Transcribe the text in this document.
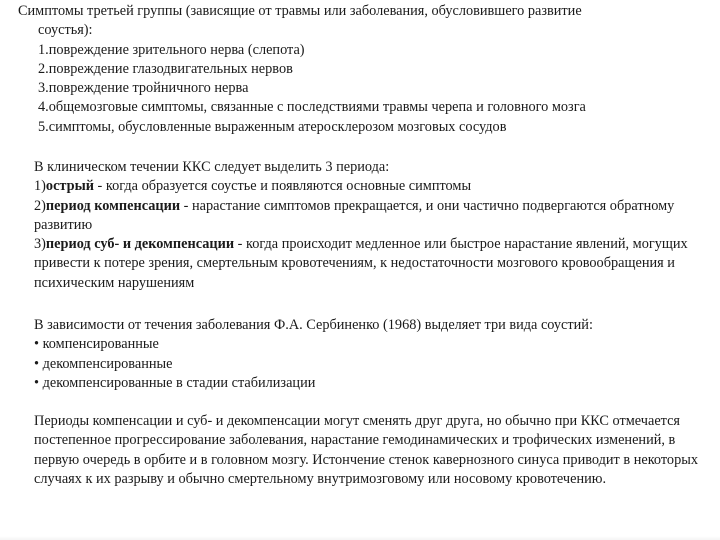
Симптомы третьей группы (зависящие от травмы или заболевания, обусловившего развитие

соустья):

1.повреждение зрительного нерва (слепота)

2.повреждение глазодвигательных нервов

3.повреждение тройничного нерва

4.общемозговые симптомы, связанные с последствиями травмы черепа и головного мозга

5.симптомы, обусловленные выраженным атеросклерозом мозговых сосудов

В клиническом течении ККС следует выделить 3 периода:

1)острый - когда образуется соустье и появляются основные симптомы

2)период компенсации - нарастание симптомов прекращается, и они частично подвергаются обратному развитию

3)период суб- и декомпенсации - когда происходит медленное или быстрое нарастание явлений, могущих привести к потере зрения, смертельным кровотечениям, к недостаточности мозгового кровообращения и психическим нарушениям

В зависимости от течения заболевания Ф.А. Сербиненко (1968) выделяет три вида соустий:

• компенсированные

• декомпенсированные

• декомпенсированные в стадии стабилизации

Периоды компенсации и суб- и декомпенсации могут сменять друг друга, но обычно при ККС отмечается постепенное прогрессирование заболевания, нарастание гемодинамических и трофических изменений, в первую очередь в орбите и в головном мозгу. Истончение стенок кавернозного синуса приводит в некоторых случаях к их разрыву и обычно смертельному внутримозговому или носовому кровотечению.
